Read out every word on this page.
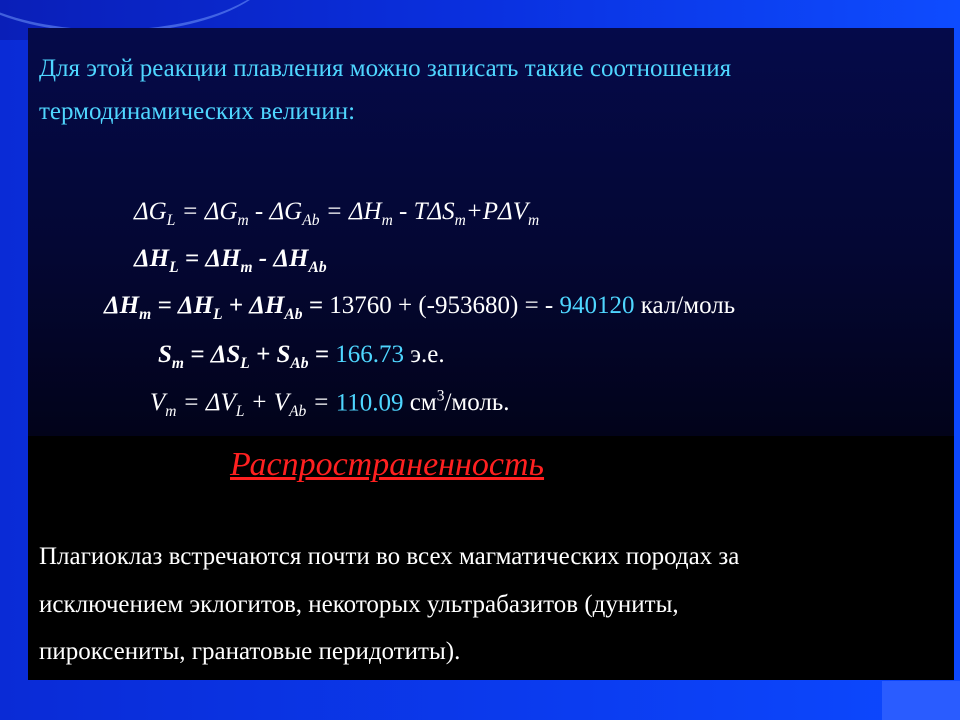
Для этой реакции плавления можно записать такие соотношения
термодинамических величин:
$\Delta G_L = \Delta G_m - \Delta G_{Ab} = \Delta H_m - T\Delta S_m+P\Delta V_m$
$\Delta H_L = \Delta H_m - \Delta H_{Ab}$
$\Delta H_m = \Delta H_L + \Delta H_{Ab} = 13760 + (-953680)$ = - 940120 кал/моль
$S_m = \Delta S_L + S_{Ab} = 166.73$ э.е.
$V_m = \Delta V_L + V_{Ab} = 110.09$ $см^3$/моль.
Распространенность
Плагиоклаз встречаются почти во всех магматических породах за
исключением эклогитов, некоторых ультрабазитов (дуниты,
пироксениты, гранатовые перидотиты).
